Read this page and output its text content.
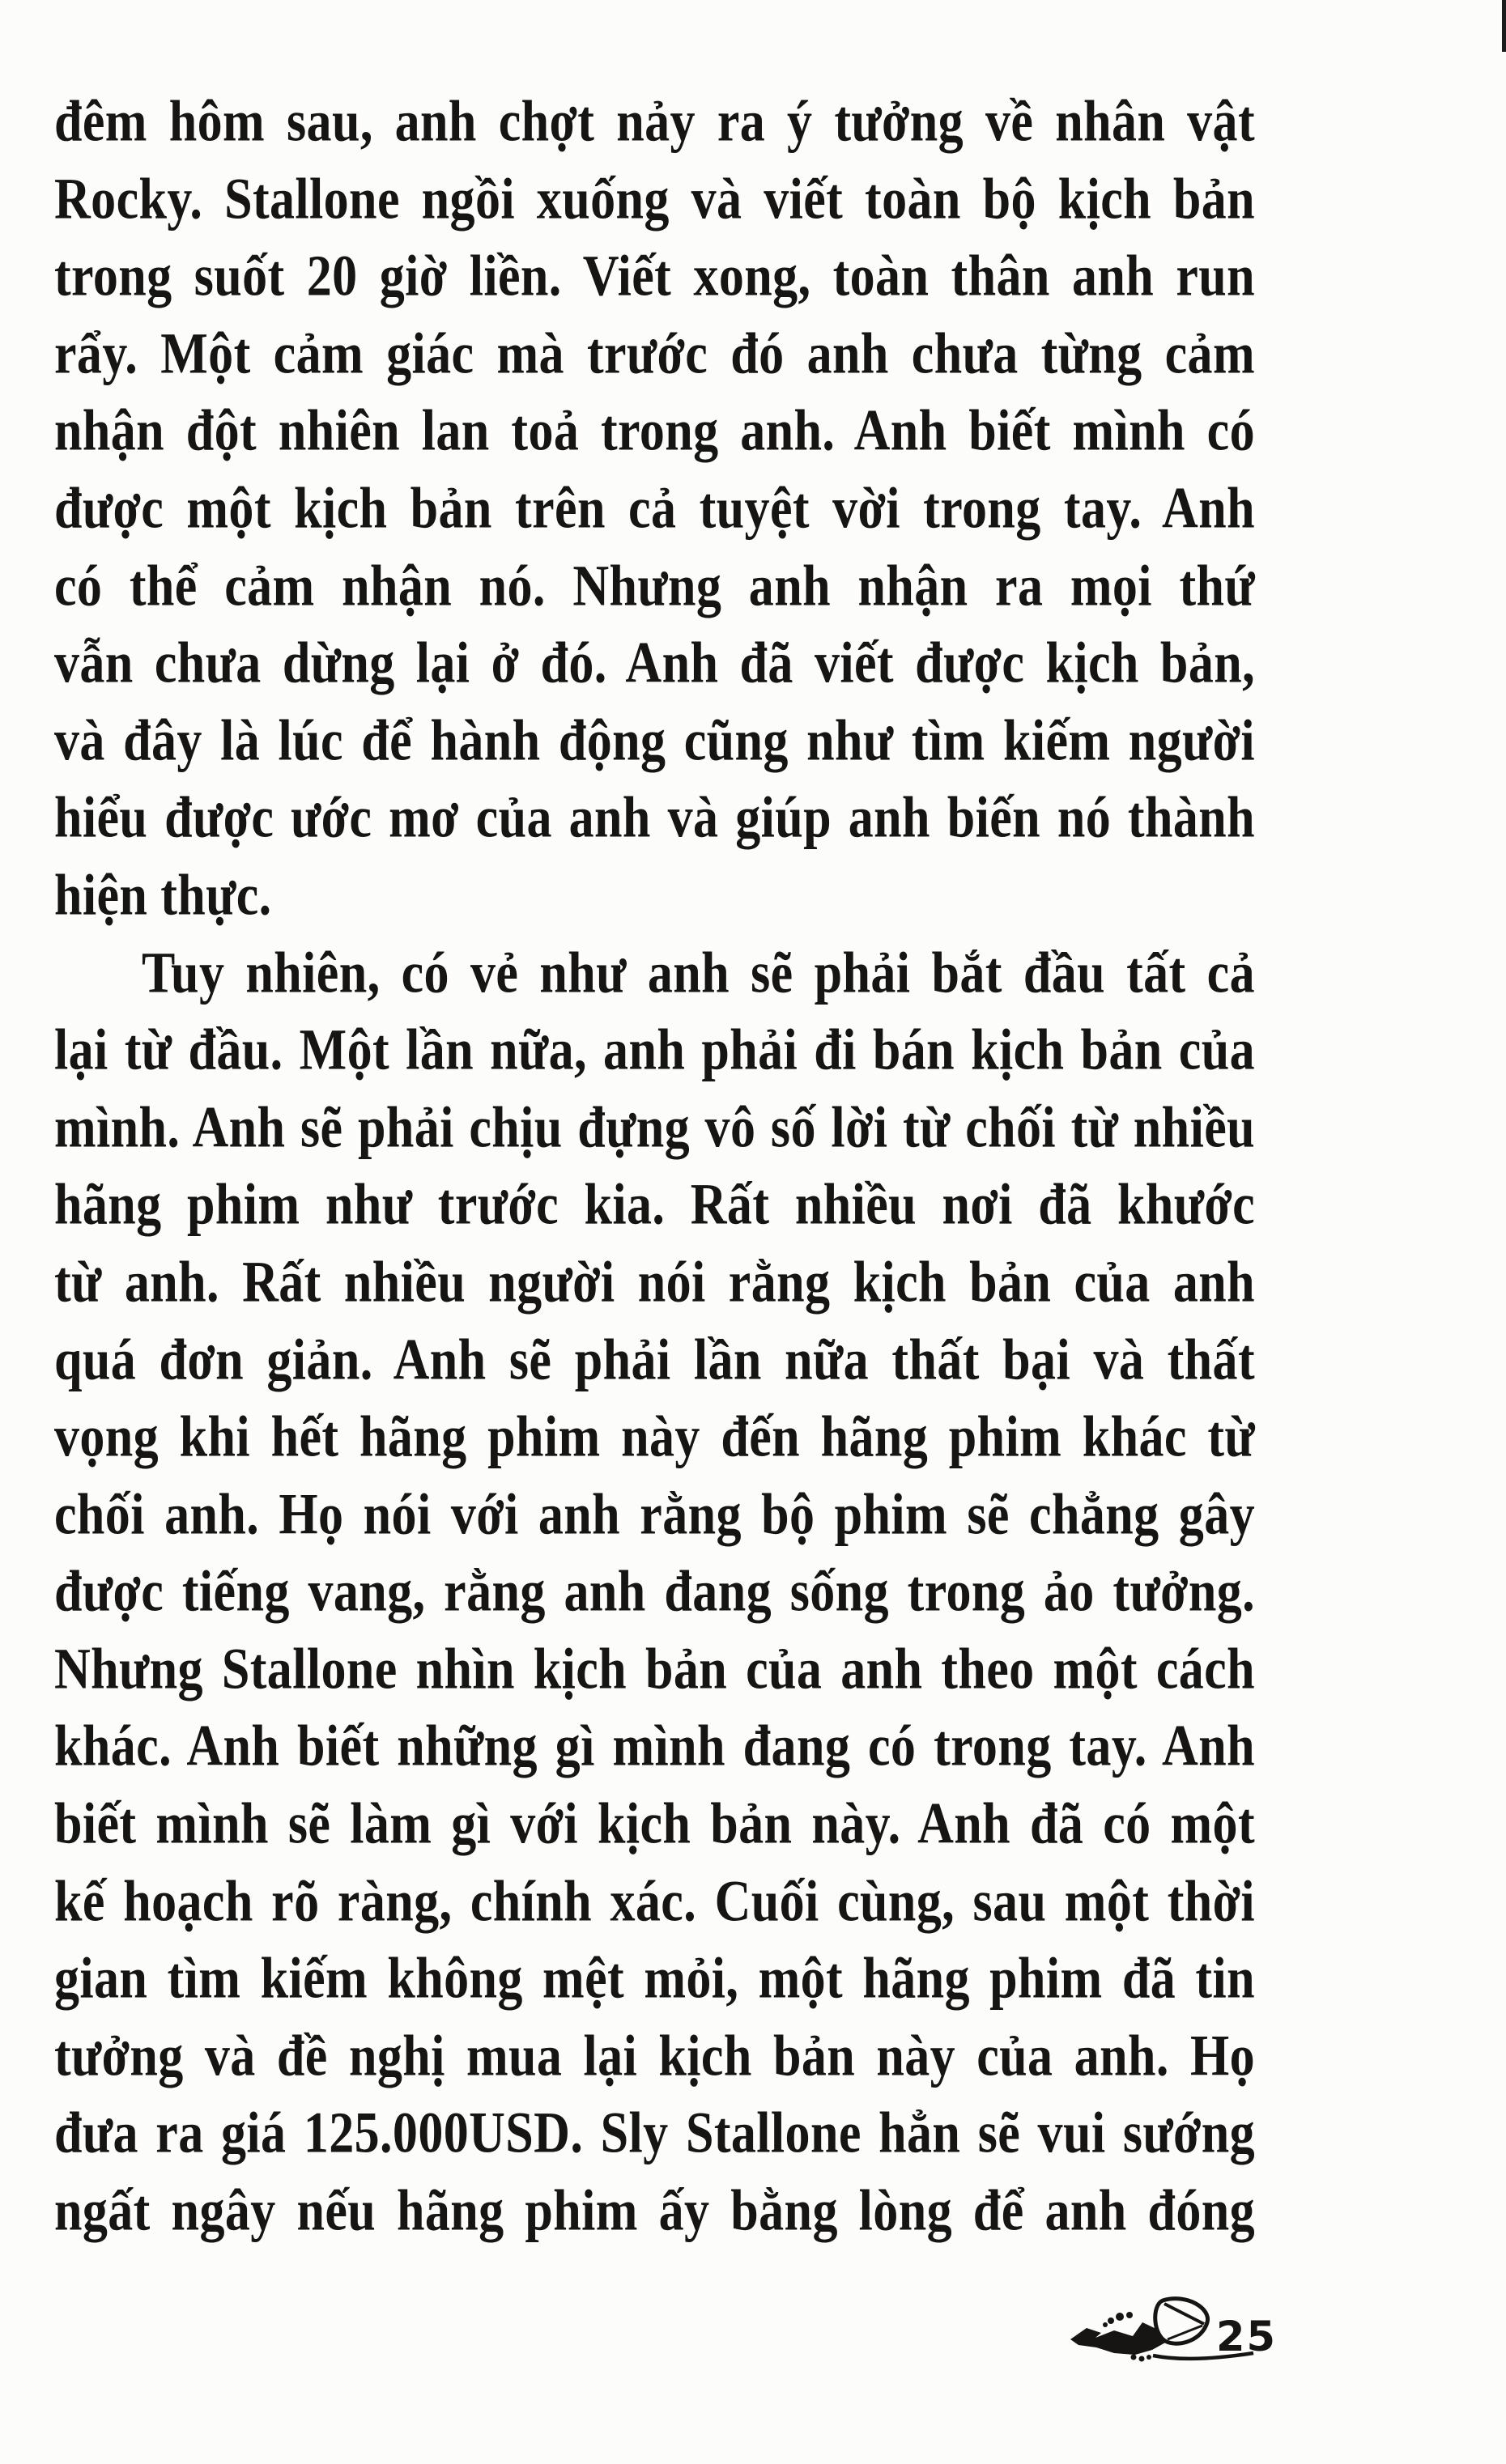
đêm hôm sau, anh chợt nảy ra ý tưởng về nhân vật
Rocky. Stallone ngồi xuống và viết toàn bộ kịch bản
trong suốt 20 giờ liền. Viết xong, toàn thân anh run
rẩy. Một cảm giác mà trước đó anh chưa từng cảm
nhận đột nhiên lan toả trong anh. Anh biết mình có
được một kịch bản trên cả tuyệt vời trong tay. Anh
có thể cảm nhận nó. Nhưng anh nhận ra mọi thứ
vẫn chưa dừng lại ở đó. Anh đã viết được kịch bản,
và đây là lúc để hành động cũng như tìm kiếm người
hiểu được ước mơ của anh và giúp anh biến nó thành
hiện thực.
Tuy nhiên, có vẻ như anh sẽ phải bắt đầu tất cả
lại từ đầu. Một lần nữa, anh phải đi bán kịch bản của
mình. Anh sẽ phải chịu đựng vô số lời từ chối từ nhiều
hãng phim như trước kia. Rất nhiều nơi đã khước
từ anh. Rất nhiều người nói rằng kịch bản của anh
quá đơn giản. Anh sẽ phải lần nữa thất bại và thất
vọng khi hết hãng phim này đến hãng phim khác từ
chối anh. Họ nói với anh rằng bộ phim sẽ chẳng gây
được tiếng vang, rằng anh đang sống trong ảo tưởng.
Nhưng Stallone nhìn kịch bản của anh theo một cách
khác. Anh biết những gì mình đang có trong tay. Anh
biết mình sẽ làm gì với kịch bản này. Anh đã có một
kế hoạch rõ ràng, chính xác. Cuối cùng, sau một thời
gian tìm kiếm không mệt mỏi, một hãng phim đã tin
tưởng và đề nghị mua lại kịch bản này của anh. Họ
đưa ra giá 125.000USD. Sly Stallone hẳn sẽ vui sướng
ngất ngây nếu hãng phim ấy bằng lòng để anh đóng
25
